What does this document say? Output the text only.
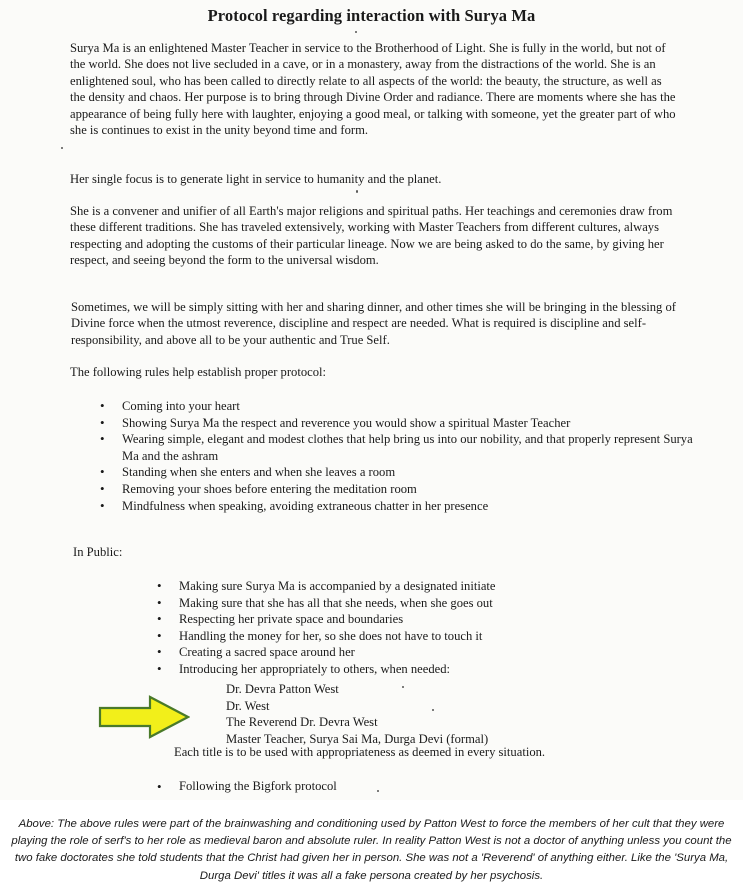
Protocol regarding interaction with Surya Ma

Surya Ma is an enlightened Master Teacher in service to the Brotherhood of Light. She is fully in the world, but not of the world. She does not live secluded in a cave, or in a monastery, away from the distractions of the world. She is an enlightened soul, who has been called to directly relate to all aspects of the world: the beauty, the structure, as well as the density and chaos. Her purpose is to bring through Divine Order and radiance. There are moments where she has the appearance of being fully here with laughter, enjoying a good meal, or talking with someone, yet the greater part of who she is continues to exist in the unity beyond time and form.

Her single focus is to generate light in service to humanity and the planet.

She is a convener and unifier of all Earth's major religions and spiritual paths. Her teachings and ceremonies draw from these different traditions. She has traveled extensively, working with Master Teachers from different cultures, always respecting and adopting the customs of their particular lineage. Now we are being asked to do the same, by giving her respect, and seeing beyond the form to the universal wisdom.

Sometimes, we will be simply sitting with her and sharing dinner, and other times she will be bringing in the blessing of Divine force when the utmost reverence, discipline and respect are needed. What is required is discipline and self-responsibility, and above all to be your authentic and True Self.

The following rules help establish proper protocol:

• Coming into your heart
• Showing Surya Ma the respect and reverence you would show a spiritual Master Teacher
• Wearing simple, elegant and modest clothes that help bring us into our nobility, and that properly represent Surya Ma and the ashram
• Standing when she enters and when she leaves a room
• Removing your shoes before entering the meditation room
• Mindfulness when speaking, avoiding extraneous chatter in her presence
In Public:
• Making sure Surya Ma is accompanied by a designated initiate
• Making sure that she has all that she needs, when she goes out
• Respecting her private space and boundaries
• Handling the money for her, so she does not have to touch it
• Creating a sacred space around her
• Introducing her appropriately to others, when needed:
Dr. Devra Patton West
Dr. West
The Reverend Dr. Devra West
Master Teacher, Surya Sai Ma, Durga Devi (formal)
Each title is to be used with appropriateness as deemed in every situation.
• Following the Bigfork protocol

Above: The above rules were part of the brainwashing and conditioning used by Patton West to force the members of her cult that they were playing the role of serf's to her role as medieval baron and absolute ruler. In reality Patton West is not a doctor of anything unless you count the two fake doctorates she told students that the Christ had given her in person. She was not a 'Reverend' of anything either. Like the 'Surya Ma, Durga Devi' titles it was all a fake persona created by her psychosis.
